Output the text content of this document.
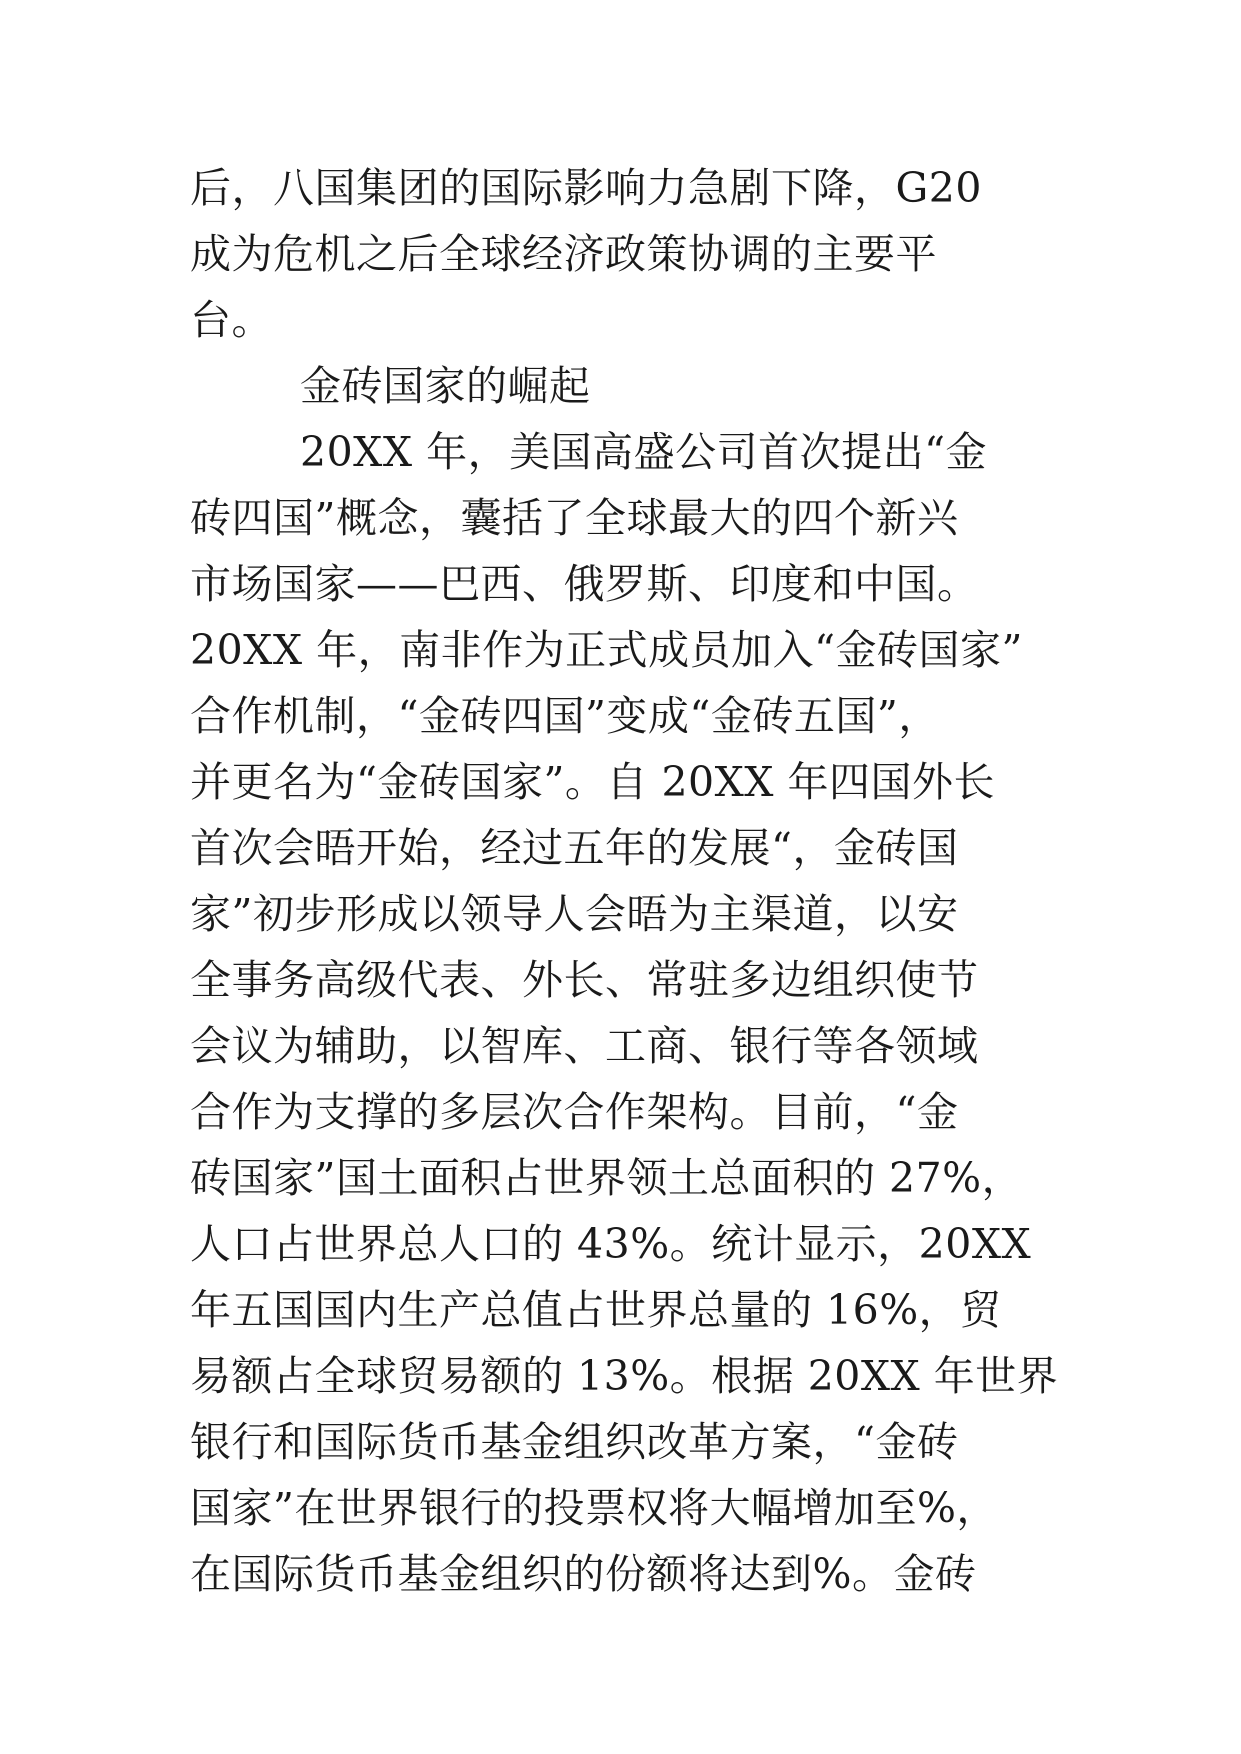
后，八国集团的国际影响力急剧下降，G20

成为危机之后全球经济政策协调的主要平

台。

金砖国家的崛起

20XX 年，美国高盛公司首次提出“金

砖四国”概念，囊括了全球最大的四个新兴

市场国家——巴西、俄罗斯、印度和中国。

20XX 年，南非作为正式成员加入“金砖国家”

合作机制，“金砖四国”变成“金砖五国”，

并更名为“金砖国家”。自 20XX 年四国外长

首次会晤开始，经过五年的发展“，金砖国

家”初步形成以领导人会晤为主渠道，以安

全事务高级代表、外长、常驻多边组织使节

会议为辅助，以智库、工商、银行等各领域

合作为支撑的多层次合作架构。目前，“金

砖国家”国土面积占世界领土总面积的 27%，

人口占世界总人口的 43%。统计显示，20XX

年五国国内生产总值占世界总量的 16%，贸

易额占全球贸易额的 13%。根据 20XX 年世界

银行和国际货币基金组织改革方案，“金砖

国家”在世界银行的投票权将大幅增加至%，

在国际货币基金组织的份额将达到%。金砖
